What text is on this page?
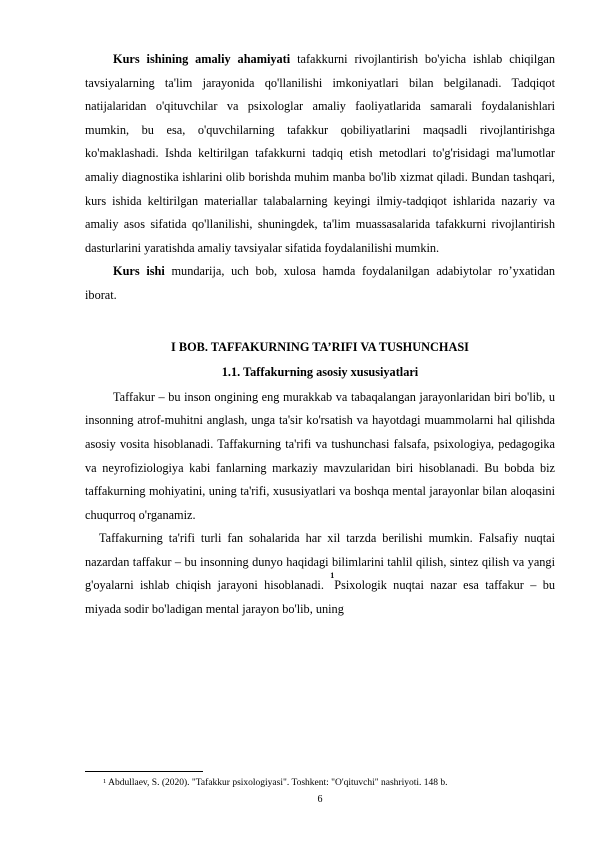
Kurs ishining amaliy ahamiyati tafakkurni rivojlantirish bo'yicha ishlab chiqilgan tavsiyalarning ta'lim jarayonida qo'llanilishi imkoniyatlari bilan belgilanadi. Tadqiqot natijalaridan o'qituvchilar va psixologlar amaliy faoliyatlarida samarali foydalanishlari mumkin, bu esa, o'quvchilarning tafakkur qobiliyatlarini maqsadli rivojlantirishga ko'maklashadi. Ishda keltirilgan tafakkurni tadqiq etish metodlari to'g'risidagi ma'lumotlar amaliy diagnostika ishlarini olib borishda muhim manba bo'lib xizmat qiladi. Bundan tashqari, kurs ishida keltirilgan materiallar talabalarning keyingi ilmiy-tadqiqot ishlarida nazariy va amaliy asos sifatida qo'llanilishi, shuningdek, ta'lim muassasalarida tafakkurni rivojlantirish dasturlarini yaratishda amaliy tavsiyalar sifatida foydalanilishi mumkin.

Kurs ishi mundarija, uch bob, xulosa hamda foydalanilgan adabiytolar ro’yxatidan iborat.

I BOB. TAFFAKURNING TA’RIFI VA TUSHUNCHASI

1.1. Taffakurning asosiy xususiyatlari

Taffakur – bu inson ongining eng murakkab va tabaqalangan jarayonlaridan biri bo'lib, u insonning atrof-muhitni anglash, unga ta'sir ko'rsatish va hayotdagi muammolarni hal qilishda asosiy vosita hisoblanadi. Taffakurning ta'rifi va tushunchasi falsafa, psixologiya, pedagogika va neyrofiziologiya kabi fanlarning markaziy mavzularidan biri hisoblanadi. Bu bobda biz taffakurning mohiyatini, uning ta'rifi, xususiyatlari va boshqa mental jarayonlar bilan aloqasini chuqurroq o'rganamiz.

Taffakurning ta'rifi turli fan sohalarida har xil tarzda berilishi mumkin. Falsafiy nuqtai nazardan taffakur – bu insonning dunyo haqidagi bilimlarini tahlil qilish, sintez qilish va yangi g'oyalarni ishlab chiqish jarayoni hisoblanadi. $^1$Psixologik nuqtai nazar esa taffakur – bu miyada sodir bo'ladigan mental jarayon bo'lib, uning

$^1$ Abdullaev, S. (2020). "Tafakkur psixologiyasi". Toshkent: "O'qituvchi" nashriyoti. 148 b.
6
